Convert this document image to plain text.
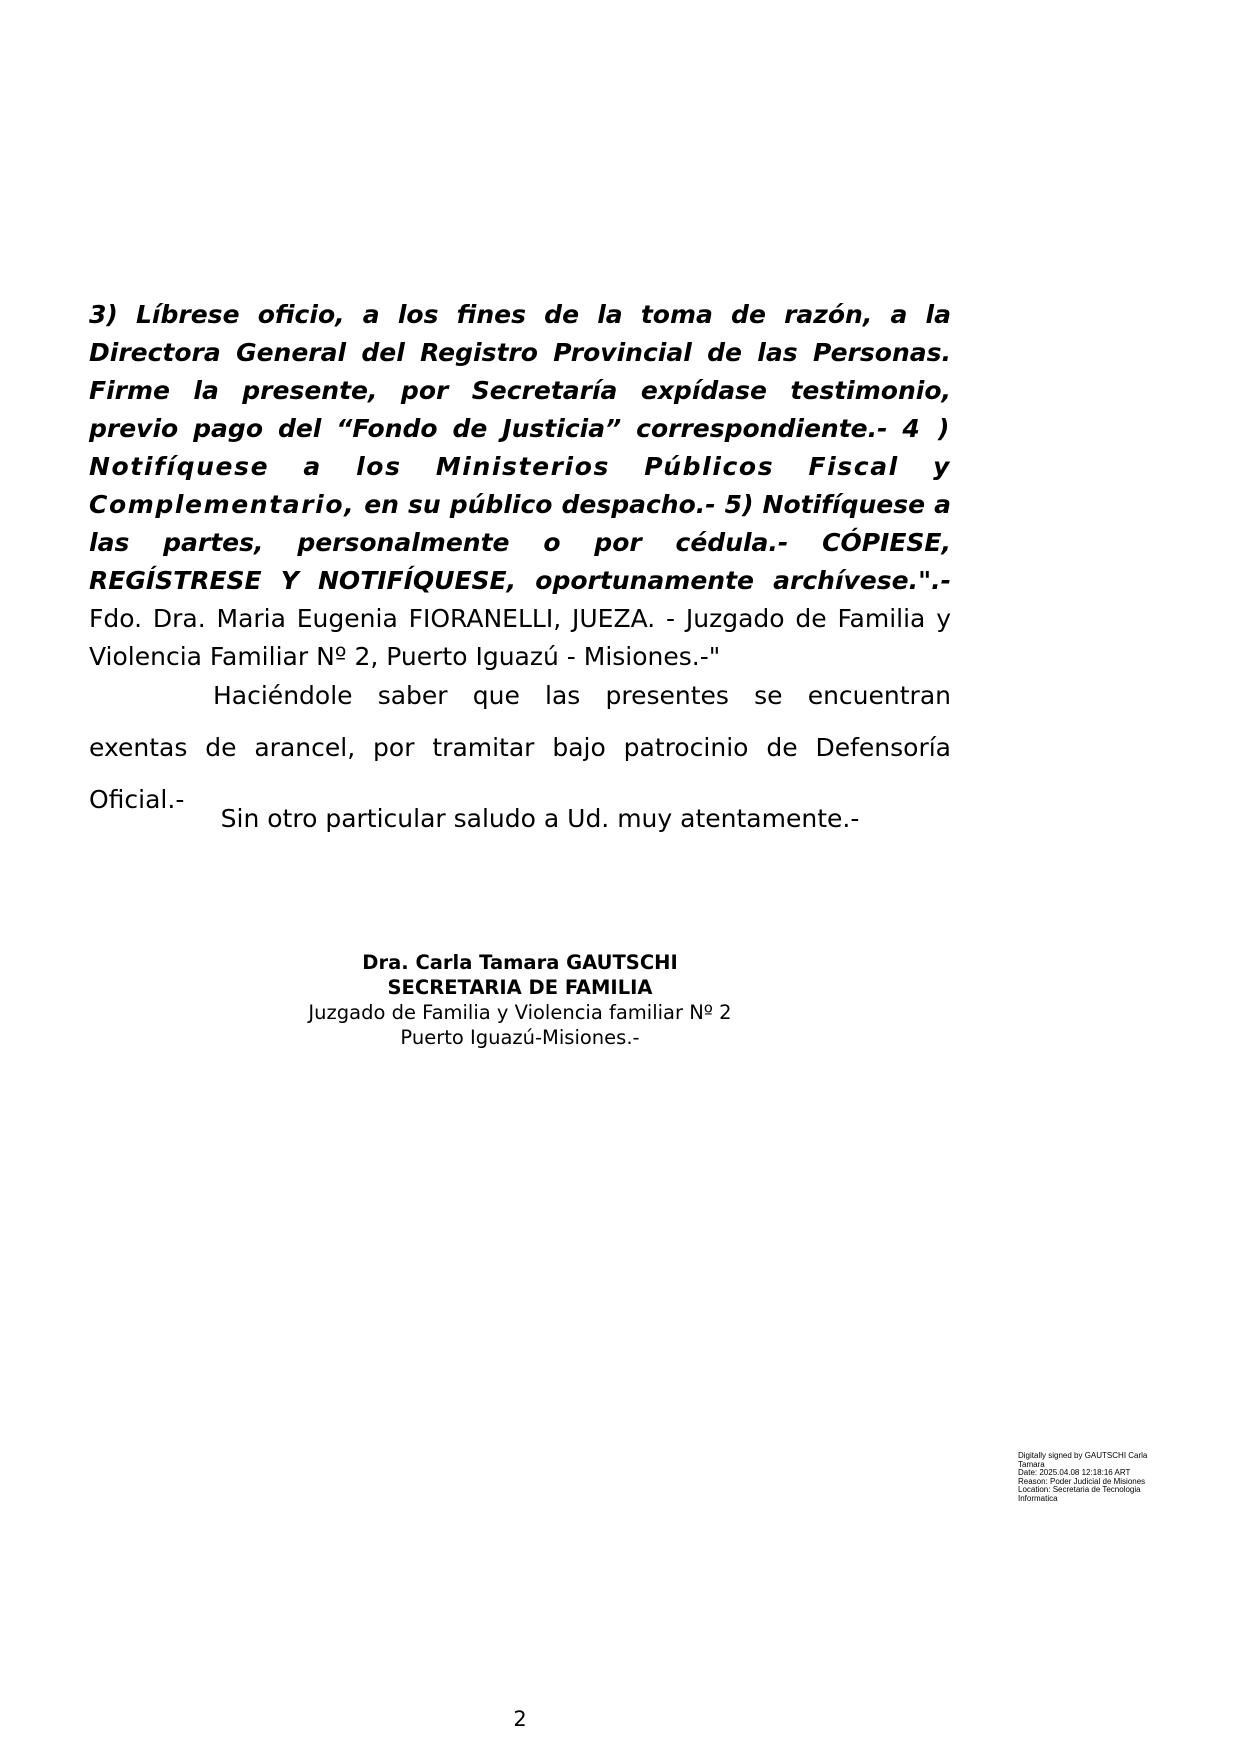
3) Líbrese oficio, a los fines de la toma de razón, a la Directora General del Registro Provincial de las Personas. Firme la presente, por Secretaría expídase testimonio, previo pago del “Fondo de Justicia” correspondiente.- 4 ) Notifíquese a los Ministerios Públicos Fiscal y Complementario, en su público despacho.- 5) Notifíquese a las partes, personalmente o por cédula.- CÓPIESE, REGÍSTRESE Y NOTIFÍQUESE, oportunamente archívese.".- Fdo. Dra. Maria Eugenia FIORANELLI, JUEZA. - Juzgado de Familia y Violencia Familiar Nº 2, Puerto Iguazú - Misiones.-"

Haciéndole saber que las presentes se encuentran exentas de arancel, por tramitar bajo patrocinio de Defensoría Oficial.-

Sin otro particular saludo a Ud. muy atentamente.-

Dra. Carla Tamara GAUTSCHI
SECRETARIA DE FAMILIA
Juzgado de Familia y Violencia familiar Nº 2
Puerto Iguazú-Misiones.-
Digitally signed by GAUTSCHI Carla
Tamara
Date: 2025.04.08 12:18:16 ART
Reason: Poder Judicial de Misiones
Location: Secretaria de Tecnologia
Informatica
2
